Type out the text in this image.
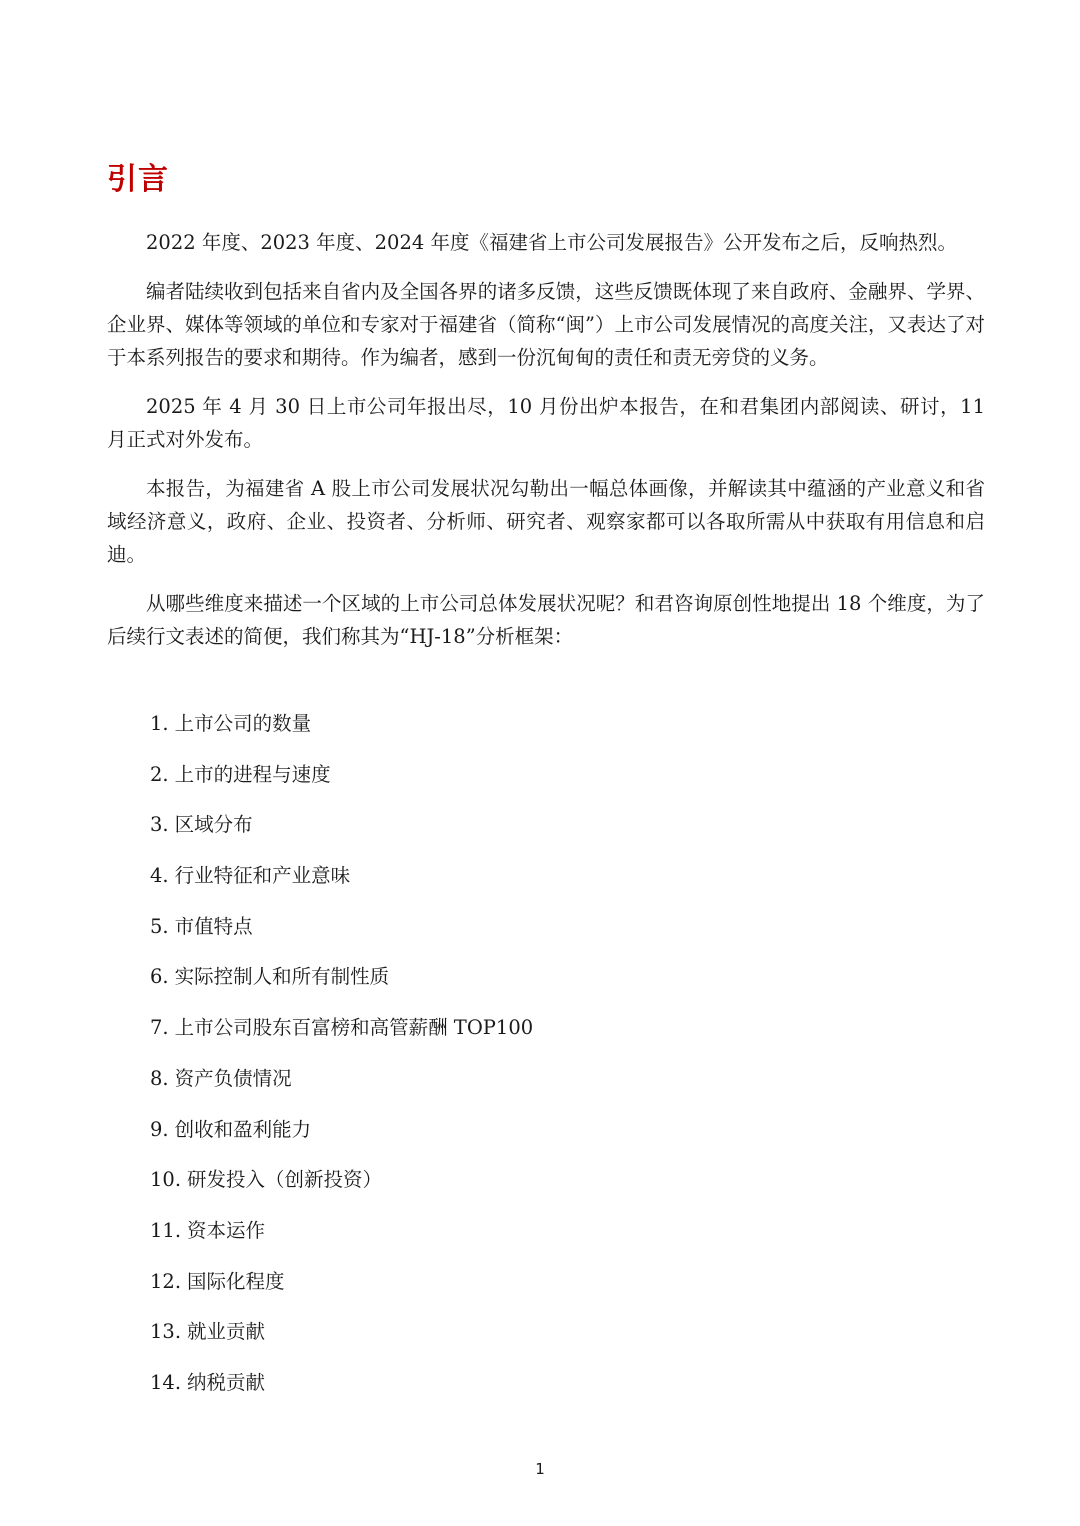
引言

2022 年度、2023 年度、2024 年度《福建省上市公司发展报告》公开发布之后，反响热烈。

编者陆续收到包括来自省内及全国各界的诸多反馈，这些反馈既体现了来自政府、金融界、学界、企业界、媒体等领域的单位和专家对于福建省（简称“闽”）上市公司发展情况的高度关注，又表达了对于本系列报告的要求和期待。作为编者，感到一份沉甸甸的责任和责无旁贷的义务。

2025 年 4 月 30 日上市公司年报出尽，10 月份出炉本报告，在和君集团内部阅读、研讨，11 月正式对外发布。

本报告，为福建省 A 股上市公司发展状况勾勒出一幅总体画像，并解读其中蕴涵的产业意义和省域经济意义，政府、企业、投资者、分析师、研究者、观察家都可以各取所需从中获取有用信息和启迪。

从哪些维度来描述一个区域的上市公司总体发展状况呢？和君咨询原创性地提出 18 个维度，为了后续行文表述的简便，我们称其为“HJ-18”分析框架：

1. 上市公司的数量
2. 上市的进程与速度
3. 区域分布
4. 行业特征和产业意味
5. 市值特点
6. 实际控制人和所有制性质
7. 上市公司股东百富榜和高管薪酬 TOP100
8. 资产负债情况
9. 创收和盈利能力
10. 研发投入（创新投资）
11. 资本运作
12. 国际化程度
13. 就业贡献
14. 纳税贡献
1
